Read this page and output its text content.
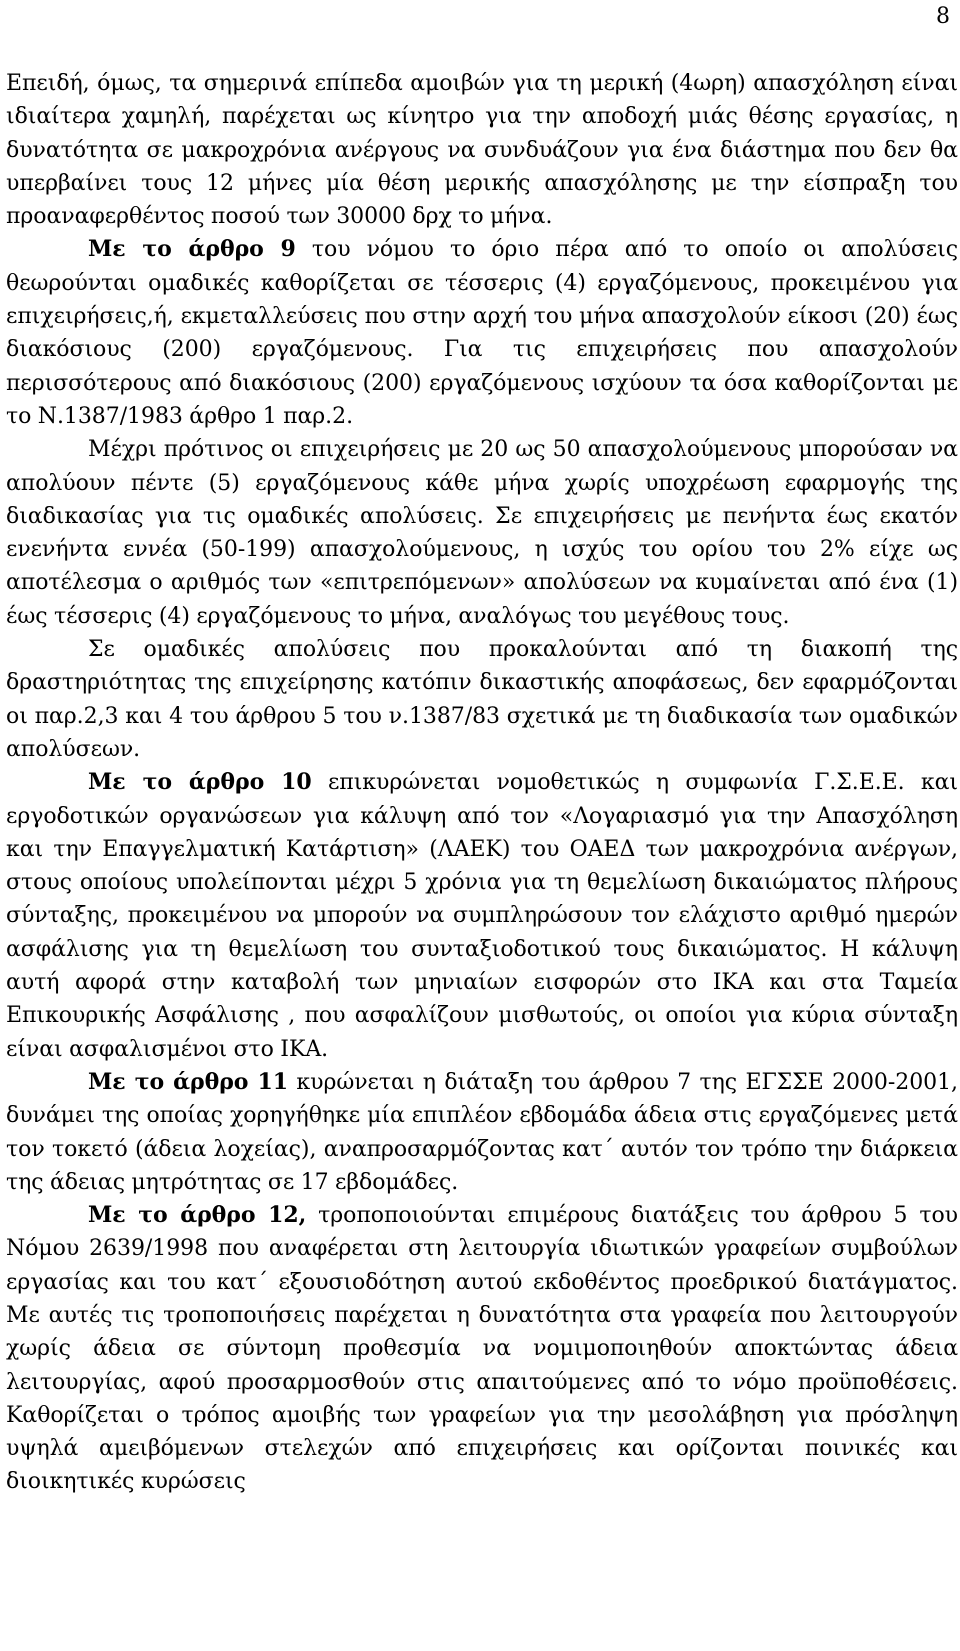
8

Επειδή, όμως, τα σημερινά επίπεδα αμοιβών για τη μερική (4ωρη) απασχόληση είναι ιδιαίτερα χαμηλή, παρέχεται ως κίνητρο για την αποδοχή μιάς θέσης εργασίας, η δυνατότητα σε μακροχρόνια ανέργους να συνδυάζουν για ένα διάστημα που δεν θα υπερβαίνει τους 12 μήνες μία θέση μερικής απασχόλησης με την είσπραξη του προαναφερθέντος ποσού των 30000 δρχ το μήνα.

Με το άρθρο 9 του νόμου το όριο πέρα από το οποίο οι απολύσεις θεωρούνται ομαδικές καθορίζεται σε τέσσερις (4) εργαζόμενους, προκειμένου για επιχειρήσεις,ή, εκμεταλλεύσεις που στην αρχή του μήνα απασχολούν είκοσι (20) έως διακόσιους (200) εργαζόμενους. Για τις επιχειρήσεις που απασχολούν περισσότερους από διακόσιους (200) εργαζόμενους ισχύουν τα όσα καθορίζονται με το Ν.1387/1983 άρθρο 1 παρ.2.

Μέχρι πρότινος οι επιχειρήσεις με 20 ως 50 απασχολούμενους μπορούσαν να απολύουν πέντε (5) εργαζόμενους κάθε μήνα χωρίς υποχρέωση εφαρμογής της διαδικασίας για τις ομαδικές απολύσεις. Σε επιχειρήσεις με πενήντα έως εκατόν ενενήντα εννέα (50-199) απασχολούμενους, η ισχύς του ορίου του 2% είχε ως αποτέλεσμα ο αριθμός των «επιτρεπόμενων» απολύσεων να κυμαίνεται από ένα (1) έως τέσσερις (4) εργαζόμενους το μήνα, αναλόγως του μεγέθους τους.

Σε ομαδικές απολύσεις που προκαλούνται από τη διακοπή της δραστηριότητας της επιχείρησης κατόπιν δικαστικής αποφάσεως, δεν εφαρμόζονται οι παρ.2,3 και 4 του άρθρου 5 του ν.1387/83 σχετικά με τη διαδικασία των ομαδικών απολύσεων.

Με το άρθρο 10 επικυρώνεται νομοθετικώς η συμφωνία Γ.Σ.Ε.Ε. και εργοδοτικών οργανώσεων για κάλυψη από τον «Λογαριασμό για την Απασχόληση και την Επαγγελματική Κατάρτιση» (ΛΑΕΚ) του ΟΑΕΔ των μακροχρόνια ανέργων, στους οποίους υπολείπονται μέχρι 5 χρόνια για τη θεμελίωση δικαιώματος πλήρους σύνταξης, προκειμένου να μπορούν να συμπληρώσουν τον ελάχιστο αριθμό ημερών ασφάλισης για τη θεμελίωση του συνταξιοδοτικού τους δικαιώματος. Η κάλυψη αυτή αφορά στην καταβολή των μηνιαίων εισφορών στο ΙΚΑ και στα Ταμεία Επικουρικής Ασφάλισης , που ασφαλίζουν μισθωτούς, οι οποίοι για κύρια σύνταξη είναι ασφαλισμένοι στο ΙΚΑ.

Με το άρθρο 11 κυρώνεται η διάταξη του άρθρου 7 της ΕΓΣΣΕ 2000-2001, δυνάμει της οποίας χορηγήθηκε μία επιπλέον εβδομάδα άδεια στις εργαζόμενες μετά τον τοκετό (άδεια λοχείας), αναπροσαρμόζοντας κατ΄ αυτόν τον τρόπο την διάρκεια της άδειας μητρότητας σε 17 εβδομάδες.

Με το άρθρο 12, τροποποιούνται επιμέρους διατάξεις του άρθρου 5 του Νόμου 2639/1998 που αναφέρεται στη λειτουργία ιδιωτικών γραφείων συμβούλων εργασίας και του κατ΄ εξουσιοδότηση αυτού εκδοθέντος προεδρικού διατάγματος. Με αυτές τις τροποποιήσεις παρέχεται η δυνατότητα στα γραφεία που λειτουργούν χωρίς άδεια σε σύντομη προθεσμία να νομιμοποιηθούν αποκτώντας άδεια λειτουργίας, αφού προσαρμοσθούν στις απαιτούμενες από το νόμο προϋποθέσεις. Καθορίζεται ο τρόπος αμοιβής των γραφείων για την μεσολάβηση για πρόσληψη υψηλά αμειβόμενων στελεχών από επιχειρήσεις και ορίζονται ποινικές και διοικητικές κυρώσεις
